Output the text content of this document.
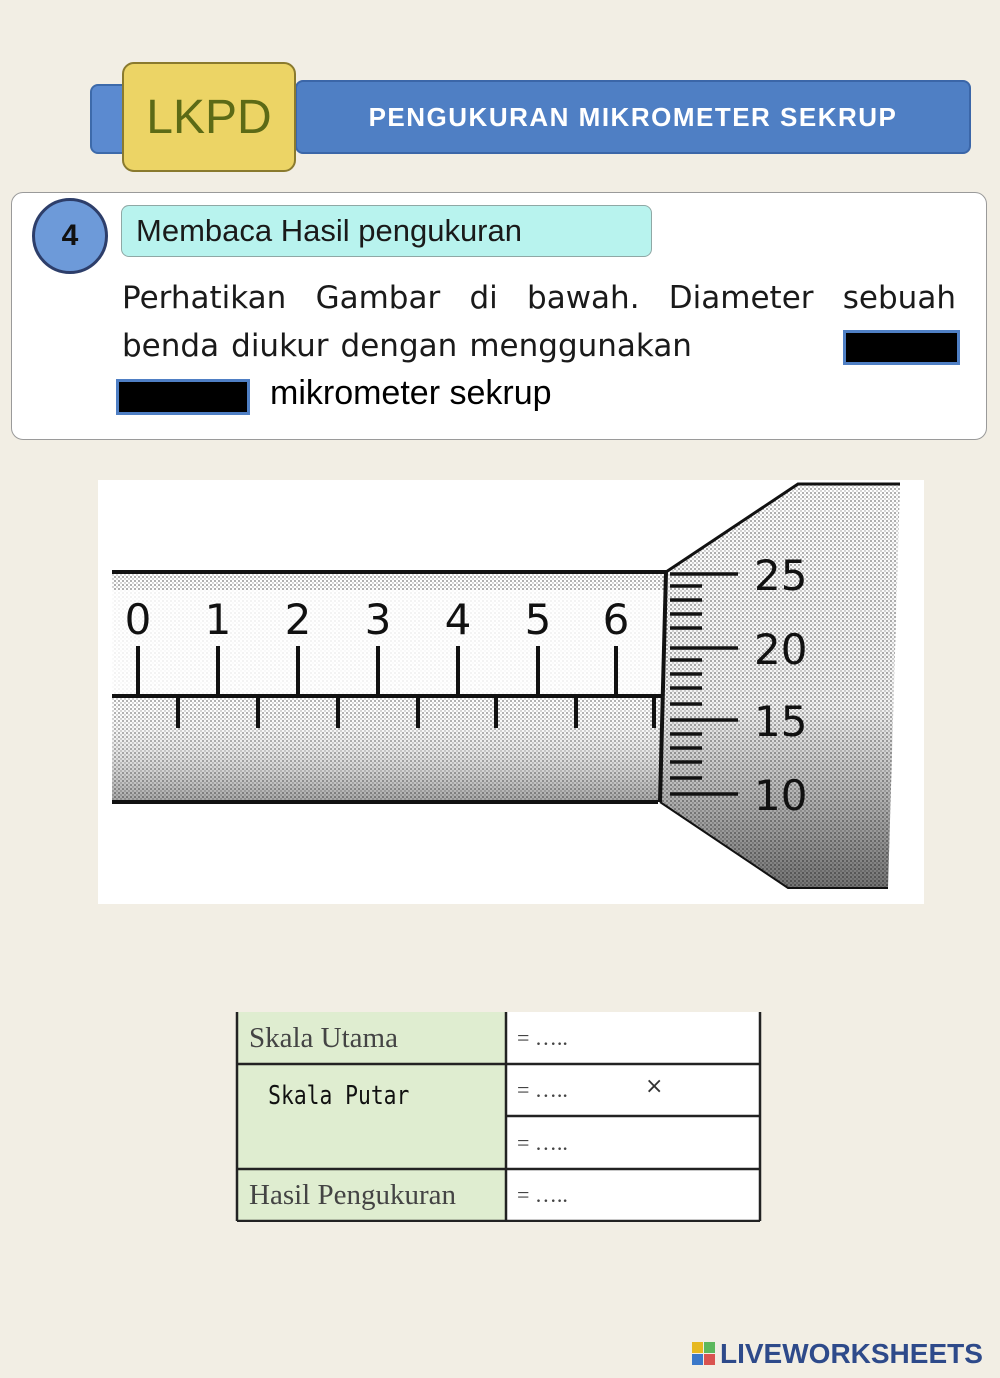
PENGUKURAN MIKROMETER SEKRUP
LKPD
4 Membaca Hasil pengukuran
Perhatikan Gambar di bawah. Diameter sebuah
benda diukur dengan menggunakan
mikrometer sekrup
0 1 2 3 4 5 6
25
20
15
10
Skala Utama
Skala Putar
Hasil Pengukuran
= …..
= …..	×
= …..
= …..
LIVEWORKSHEETS
